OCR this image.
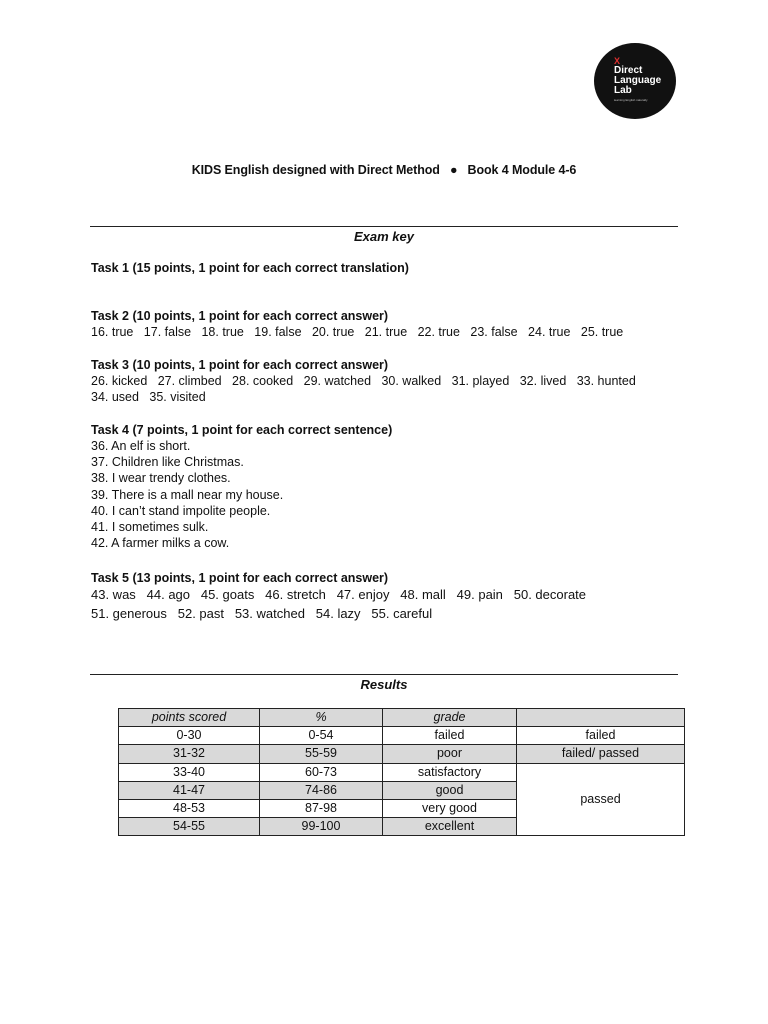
X
Direct
Language
Lab
learning English naturally
KIDS English designed with Direct Method ● Book 4 Module 4-6
Exam key
Task 1 (15 points, 1 point for each correct translation)
Task 2 (10 points, 1 point for each correct answer)
16. true   17. false   18. true   19. false   20. true   21. true   22. true   23. false   24. true   25. true
Task 3 (10 points, 1 point for each correct answer)
26. kicked   27. climbed   28. cooked   29. watched   30. walked   31. played   32. lived   33. hunted
34. used   35. visited
Task 4 (7 points, 1 point for each correct sentence)
36. An elf is short.
37. Children like Christmas.
38. I wear trendy clothes.
39. There is a mall near my house.
40. I can’t stand impolite people.
41. I sometimes sulk.
42. A farmer milks a cow.
Task 5 (13 points, 1 point for each correct answer)
43. was   44. ago   45. goats   46. stretch   47. enjoy   48. mall   49. pain   50. decorate
51. generous   52. past   53. watched   54. lazy   55. careful
Results
points scored	%	grade	
0-30	0-54	failed	failed
31-32	55-59	poor	failed/ passed
33-40	60-73	satisfactory	passed
41-47	74-86	good	
48-53	87-98	very good	
54-55	99-100	excellent	
